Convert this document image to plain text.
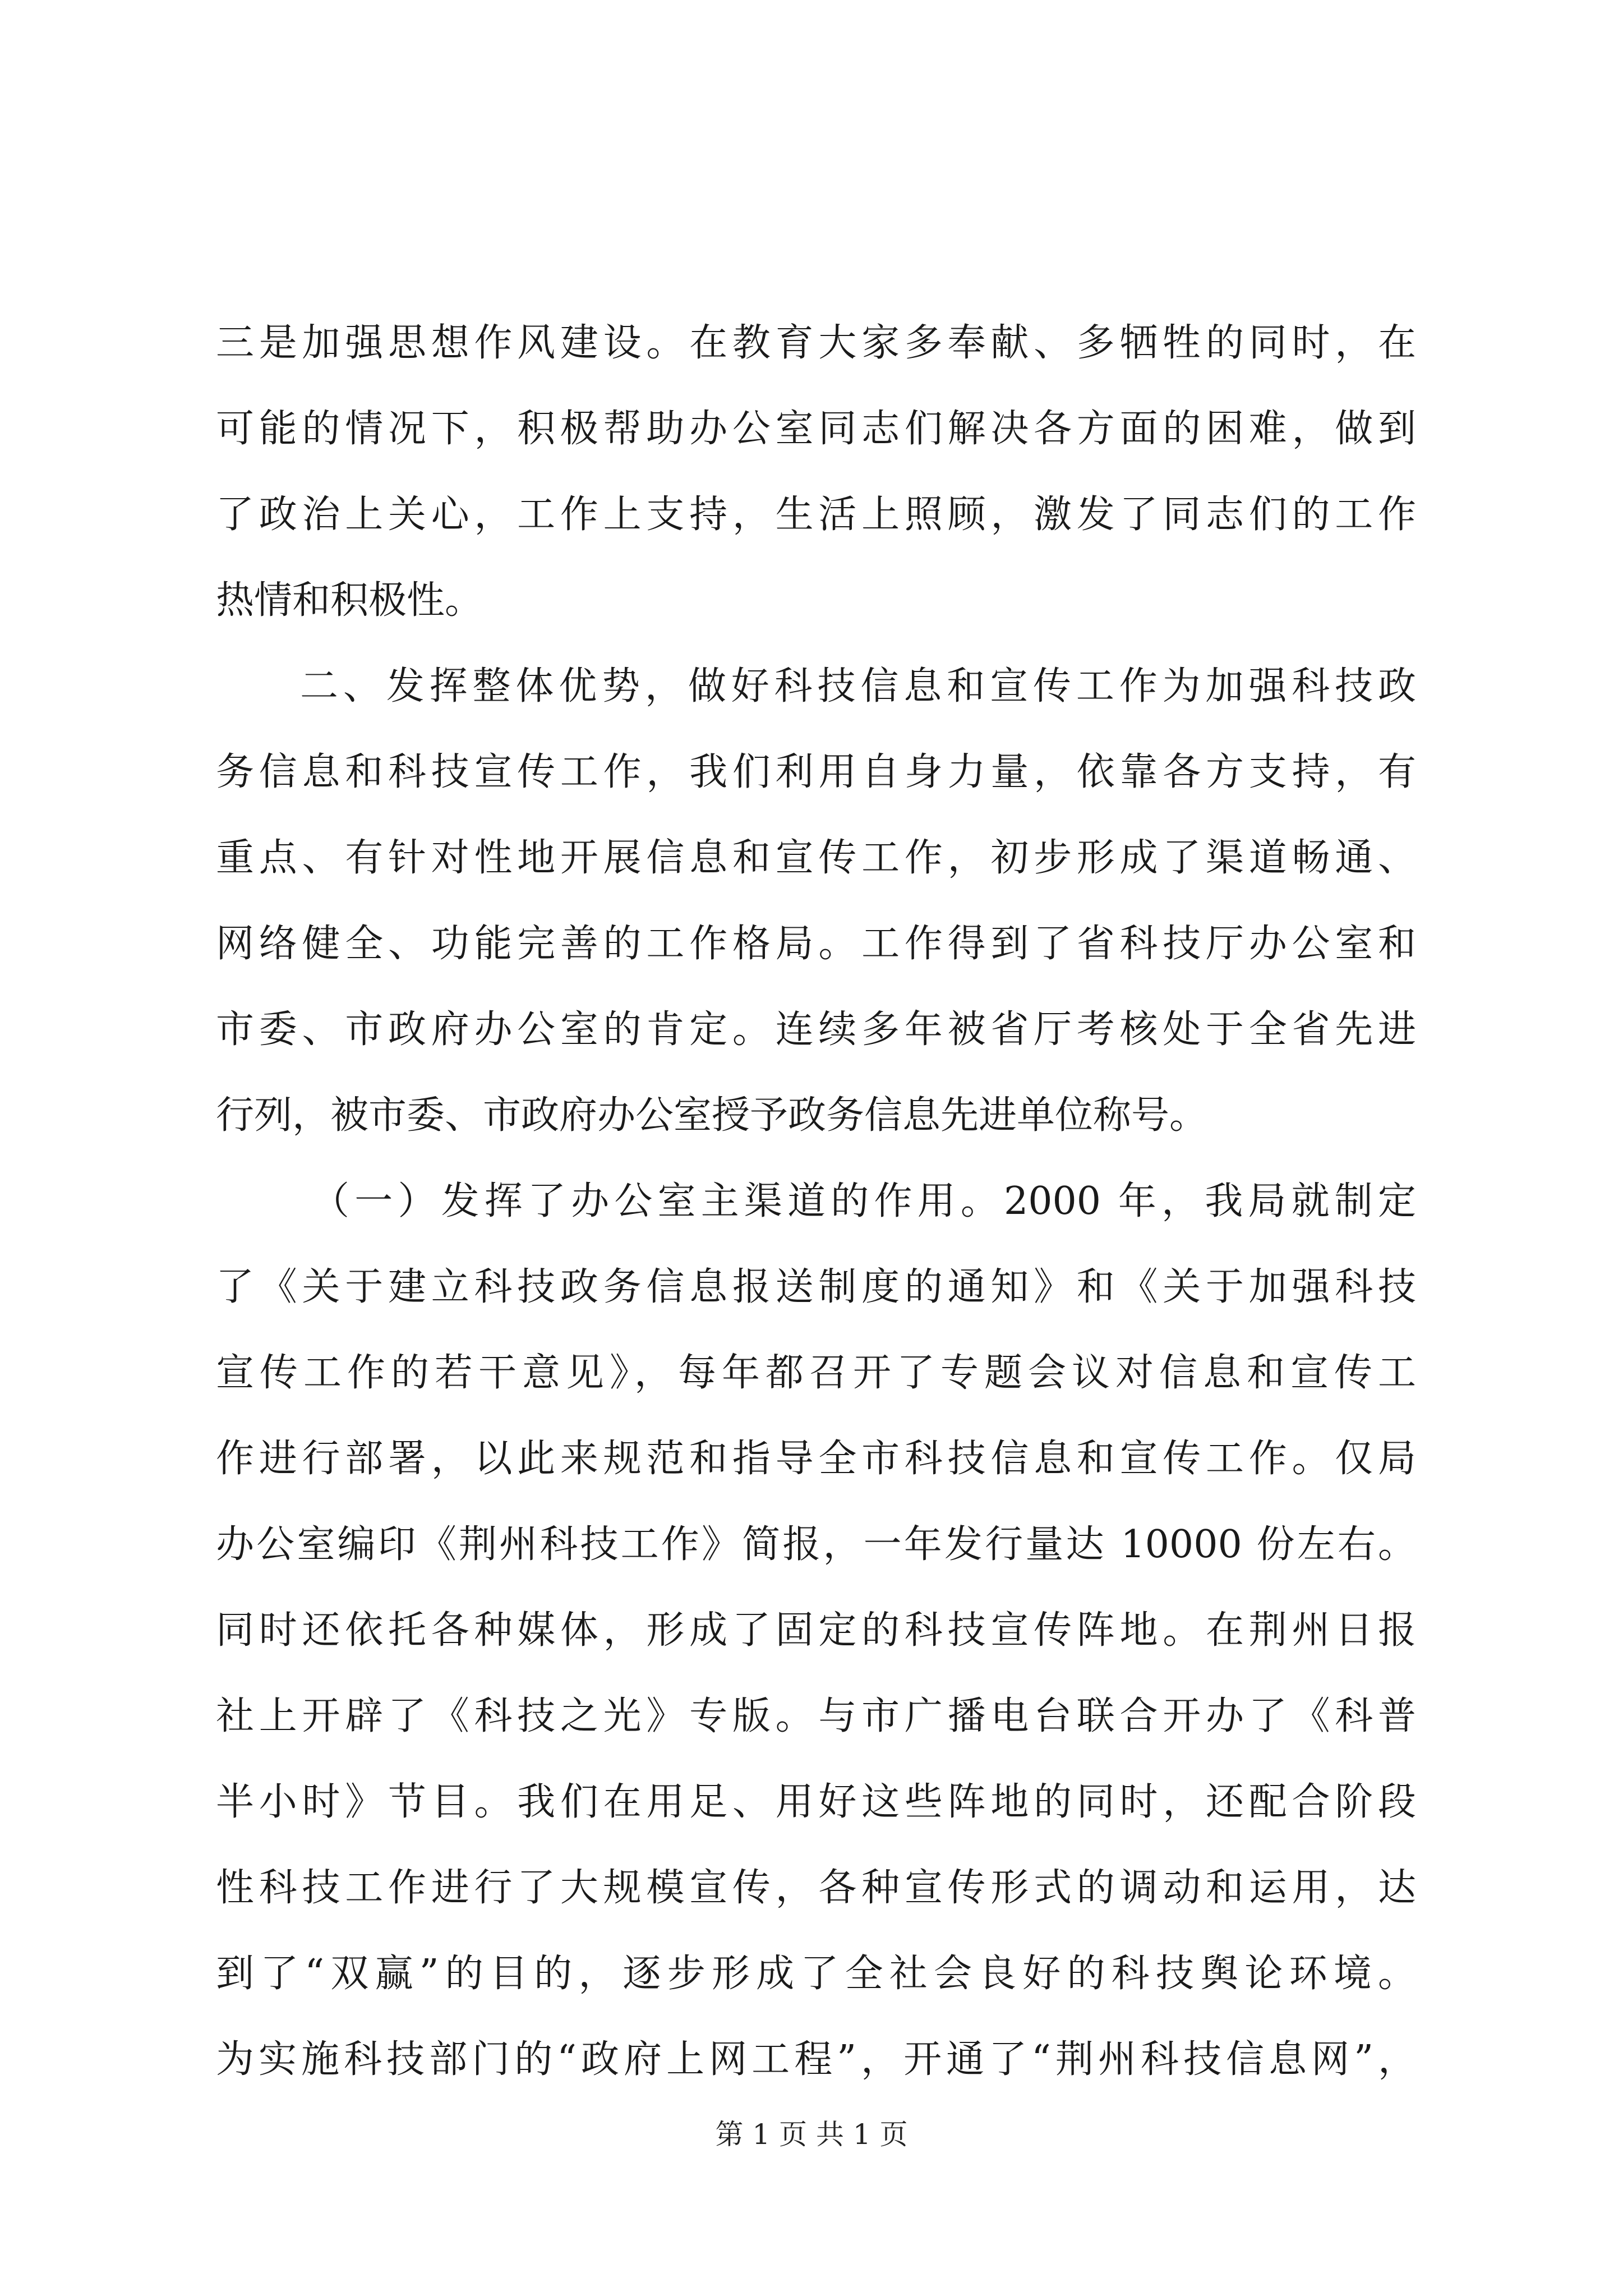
三是加强思想作风建设。在教育大家多奉献、多牺牲的同时，在
可能的情况下，积极帮助办公室同志们解决各方面的困难，做到
了政治上关心，工作上支持，生活上照顾，激发了同志们的工作
热情和积极性。
二、发挥整体优势，做好科技信息和宣传工作为加强科技政
务信息和科技宣传工作，我们利用自身力量，依靠各方支持，有
重点、有针对性地开展信息和宣传工作，初步形成了渠道畅通、
网络健全、功能完善的工作格局。工作得到了省科技厅办公室和
市委、市政府办公室的肯定。连续多年被省厅考核处于全省先进
行列，被市委、市政府办公室授予政务信息先进单位称号。
（一）发挥了办公室主渠道的作用。2000 年，我局就制定
了《关于建立科技政务信息报送制度的通知》和《关于加强科技
宣传工作的若干意见》，每年都召开了专题会议对信息和宣传工
作进行部署，以此来规范和指导全市科技信息和宣传工作。仅局
办公室编印《荆州科技工作》简报，一年发行量达 10000 份左右。
同时还依托各种媒体，形成了固定的科技宣传阵地。在荆州日报
社上开辟了《科技之光》专版。与市广播电台联合开办了《科普
半小时》节目。我们在用足、用好这些阵地的同时，还配合阶段
性科技工作进行了大规模宣传，各种宣传形式的调动和运用，达
到了“双赢”的目的，逐步形成了全社会良好的科技舆论环境。
为实施科技部门的“政府上网工程”，开通了“荆州科技信息网”，
第 1 页 共 1 页
